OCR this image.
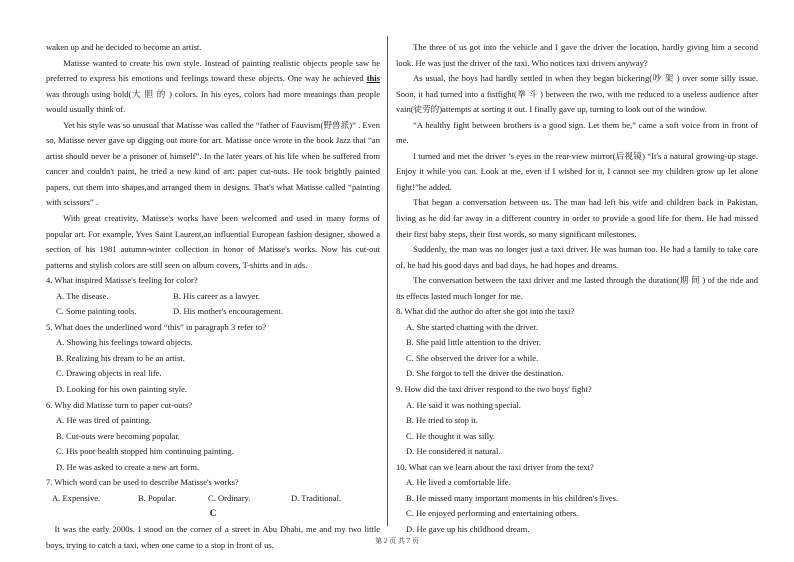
waken up and he decided to become an artist.

Matisse wanted to create his own style. Instead of painting realistic objects people saw he preferred to express his emotions and feelings toward these objects. One way he achieved this was through using bold(大 胆 的 ) colors. In his eyes, colors had more meanings than people would usually think of.

Yet his style was so unusual that Matisse was called the “father of Fauvism(野兽派)” . Even so, Matisse never gave up digging out more for art. Matisse once wrote in the book Jazz that “an artist should never be a prisoner of himself”. In the later years of his life when he suffered from cancer and couldn't paint, he tried a new kind of art: paper cut-outs. He took brightly painted papers, cut them into shapes,and arranged them in designs. That's what Matisse called “painting with scissors” .

With great creativity, Matisse's works have been welcomed and used in many forms of popular art. For example, Yves Saint Laurent,an influential European fashion designer, showed a section of his 1981 autumn-winter collection in honor of Matisse's works. Now his cut-out patterns and stylish colors are still seen on album covers, T-shirts and in ads.

4. What inspired Matisse's feeling for color?

A. The disease.	B. His career as a lawyer.
C. Some painting tools.	D. His mother's encouragement.

5. What does the underlined word “this” in paragraph 3 refer to?

A. Showing his feelings toward objects.

B. Realizing his dream to be an artist.

C. Drawing objects in real life.

D. Looking for his own painting style.

6. Why did Matisse turn to paper cut-outs?

A. He was tired of painting.

B. Cut-outs were becoming popular.

C. His poor health stopped him continuing painting.

D. He was asked to create a new art form.

7. Which word can be used to describe Matisse's works?

A. Expensive.	B. Popular.	C. Ordinary.	D. Traditional.

C

It was the early 2000s. I stood on the corner of a street in Abu Dhabi, me and my two little boys, trying to catch a taxi, when one came to a stop in front of us.

The three of us got into the vehicle and I gave the driver the location, hardly giving him a second look. He was just the driver of the taxi. Who notices taxi drivers anyway?

As usual, the boys had hardly settled in when they began bickering(吵 架 ) over some silly issue. Soon, it had turned into a fistfight(拳 斗 ) between the two, with me reduced to a useless audience after vain(徒劳的)attempts at sorting it out. I finally gave up, turning to look out of the window.

“A healthy fight between brothers is a good sign. Let them be,” came a soft voice from in front of me.

I turned and met the driver ’s eyes in the rear-view mirror(后视镜) “It's a natural growing-up stage. Enjoy it while you can. Look at me, even if I wished for it, I cannot see my children grow up let alone fight!”he added.

That began a conversation between us. The man had left his wife and children back in Pakistan, living as he did far away in a different country in order to provide a good life for them. He had missed their first baby steps, their first words, so many significant milestones.

Suddenly, the man was no longer just a taxi driver. He was human too. He had a family to take care of, he had his good days and bad days, he had hopes and dreams.

The conversation between the taxi driver and me lasted through the duration(期 间 ) of the ride and its effects lasted much longer for me.

8. What did the author do after she got into the taxi?

A. She started chatting with the driver.

B. She paid little attention to the driver.

C. She observed the driver for a while.

D. She forgot to tell the driver the destination.

9. How did the taxi driver respond to the two boys' fight?

A. He said it was nothing special.

B. He tried to stop it.

C. He thought it was silly.

D. He considered it natural.

10. What can we learn about the taxi driver from the text?

A. He lived a comfortable life.

B. He missed many important moments in his children's lives.

C. He enjoyed performing and entertaining others.

D. He gave up his childhood dream.

第 2 页 共 7 页
